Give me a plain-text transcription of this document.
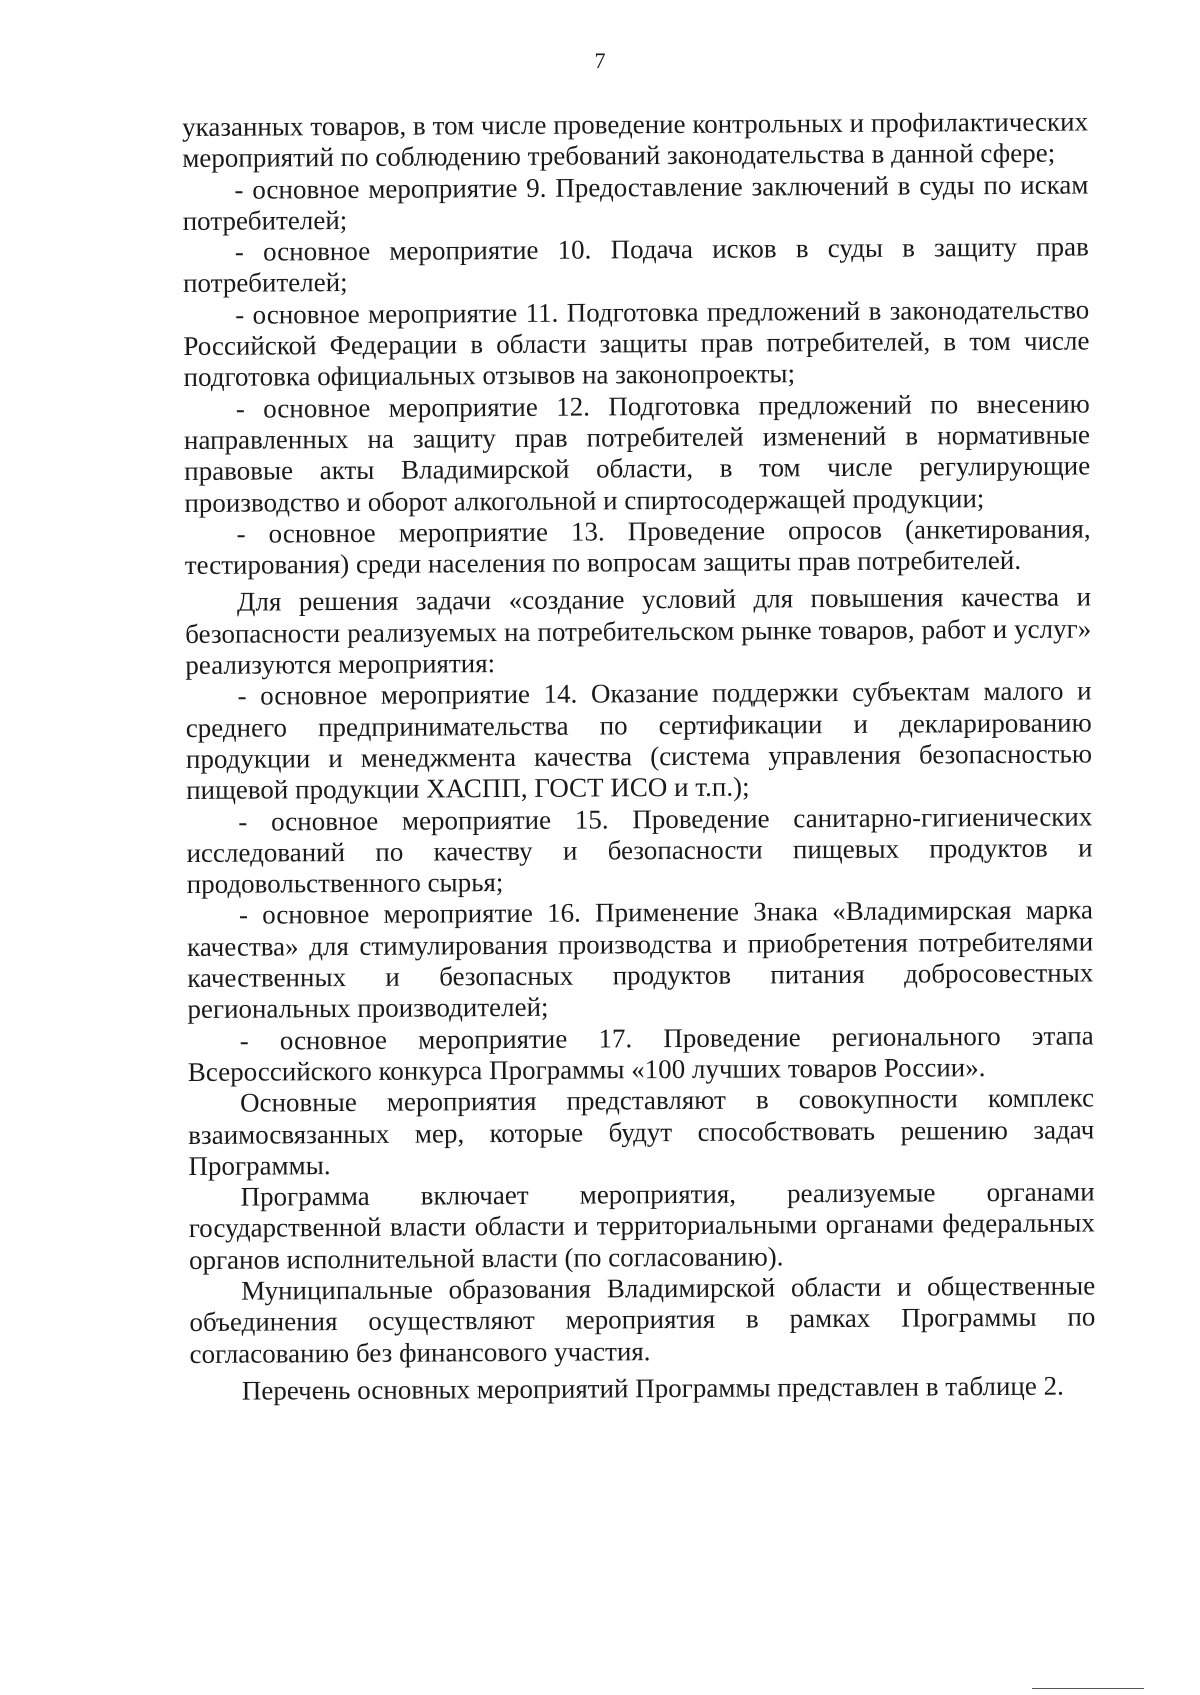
7

указанных товаров, в том числе проведение контрольных и профилактических мероприятий по соблюдению требований законодательства в данной сфере;

- основное мероприятие 9. Предоставление заключений в суды по искам потребителей;

- основное мероприятие 10. Подача исков в суды в защиту прав потребителей;

- основное мероприятие 11. Подготовка предложений в законодательство Российской Федерации в области защиты прав потребителей, в том числе подготовка официальных отзывов на законопроекты;

- основное мероприятие 12. Подготовка предложений по внесению направленных на защиту прав потребителей изменений в нормативные правовые акты Владимирской области, в том числе регулирующие производство и оборот алкогольной и спиртосодержащей продукции;

- основное мероприятие 13. Проведение опросов (анкетирования, тестирования) среди населения по вопросам защиты прав потребителей.

Для решения задачи «создание условий для повышения качества и безопасности реализуемых на потребительском рынке товаров, работ и услуг» реализуются мероприятия:

- основное мероприятие 14. Оказание поддержки субъектам малого и среднего предпринимательства по сертификации и декларированию продукции и менеджмента качества (система управления безопасностью пищевой продукции ХАСПП, ГОСТ ИСО и т.п.);

- основное мероприятие 15. Проведение санитарно-гигиенических исследований по качеству и безопасности пищевых продуктов и продовольственного сырья;

- основное мероприятие 16. Применение Знака «Владимирская марка качества» для стимулирования производства и приобретения потребителями качественных и безопасных продуктов питания добросовестных региональных производителей;

- основное мероприятие 17. Проведение регионального этапа Всероссийского конкурса Программы «100 лучших товаров России».

Основные мероприятия представляют в совокупности комплекс взаимосвязанных мер, которые будут способствовать решению задач Программы.

Программа включает мероприятия, реализуемые органами государственной власти области и территориальными органами федеральных органов исполнительной власти (по согласованию).

Муниципальные образования Владимирской области и общественные объединения осуществляют мероприятия в рамках Программы по согласованию без финансового участия.

Перечень основных мероприятий Программы представлен в таблице 2.
